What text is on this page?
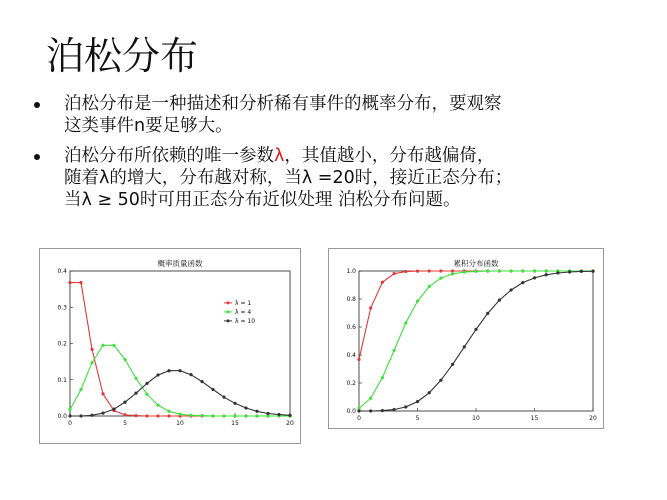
泊松分布
泊松分布是一种描述和分析稀有事件的概率分布，要观察
这类事件n要足够大。
泊松分布所依赖的唯一参数λ，其值越小，分布越偏倚，
随着λ的增大，分布越对称，当λ =20时，接近正态分布；
当λ ≥ 50时可用正态分布近似处理 泊松分布问题。
概率质量函数
0	5	10	15	20
0.0
0.1
0.2
0.3
0.4
λ = 1
λ = 4
λ = 10
累积分布函数
0	5	10	15	20
0.0
0.2
0.4
0.6
0.8
1.0
